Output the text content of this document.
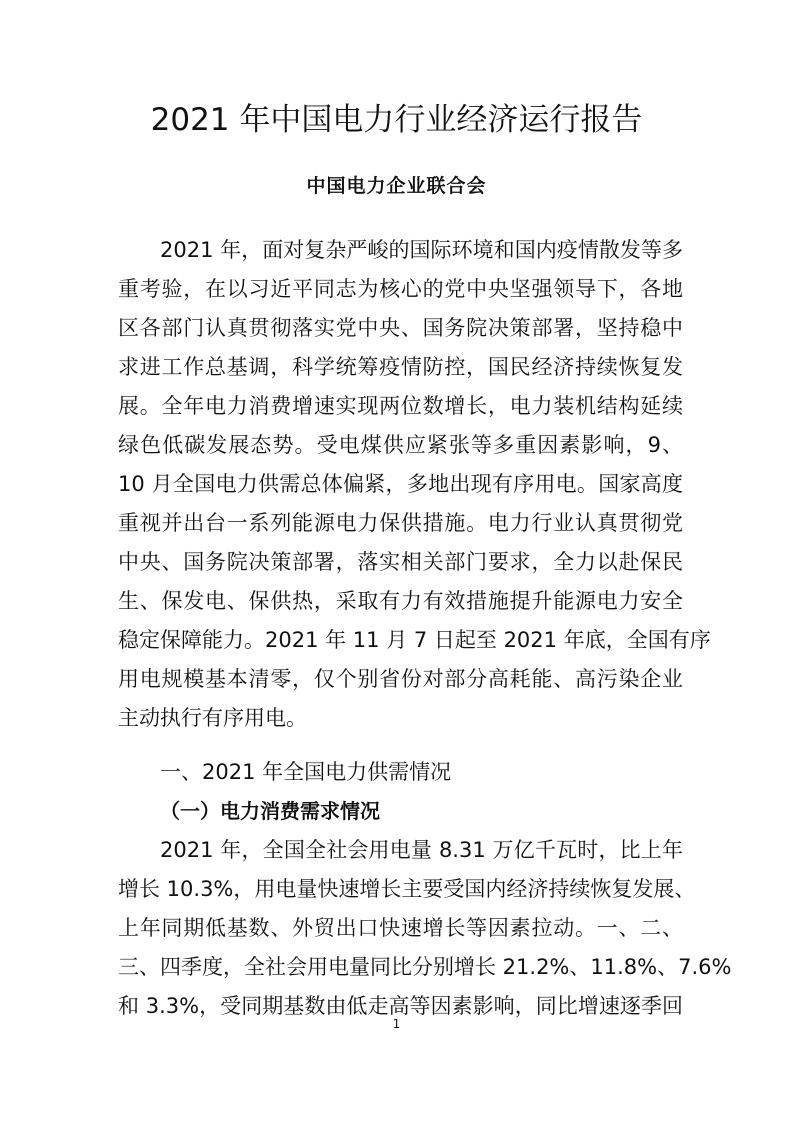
2021 年中国电力行业经济运行报告
中国电力企业联合会
2021 年，面对复杂严峻的国际环境和国内疫情散发等多
重考验，在以习近平同志为核心的党中央坚强领导下，各地
区各部门认真贯彻落实党中央、国务院决策部署，坚持稳中
求进工作总基调，科学统筹疫情防控，国民经济持续恢复发
展。全年电力消费增速实现两位数增长，电力装机结构延续
绿色低碳发展态势。受电煤供应紧张等多重因素影响，9、
10 月全国电力供需总体偏紧，多地出现有序用电。国家高度
重视并出台一系列能源电力保供措施。电力行业认真贯彻党
中央、国务院决策部署，落实相关部门要求，全力以赴保民
生、保发电、保供热，采取有力有效措施提升能源电力安全
稳定保障能力。2021 年 11 月 7 日起至 2021 年底，全国有序
用电规模基本清零，仅个别省份对部分高耗能、高污染企业
主动执行有序用电。
一、2021 年全国电力供需情况
（一）电力消费需求情况
2021 年，全国全社会用电量 8.31 万亿千瓦时，比上年
增长 10.3%，用电量快速增长主要受国内经济持续恢复发展、
上年同期低基数、外贸出口快速增长等因素拉动。一、二、
三、四季度，全社会用电量同比分别增长 21.2%、11.8%、7.6%
和 3.3%，受同期基数由低走高等因素影响，同比增速逐季回
1
